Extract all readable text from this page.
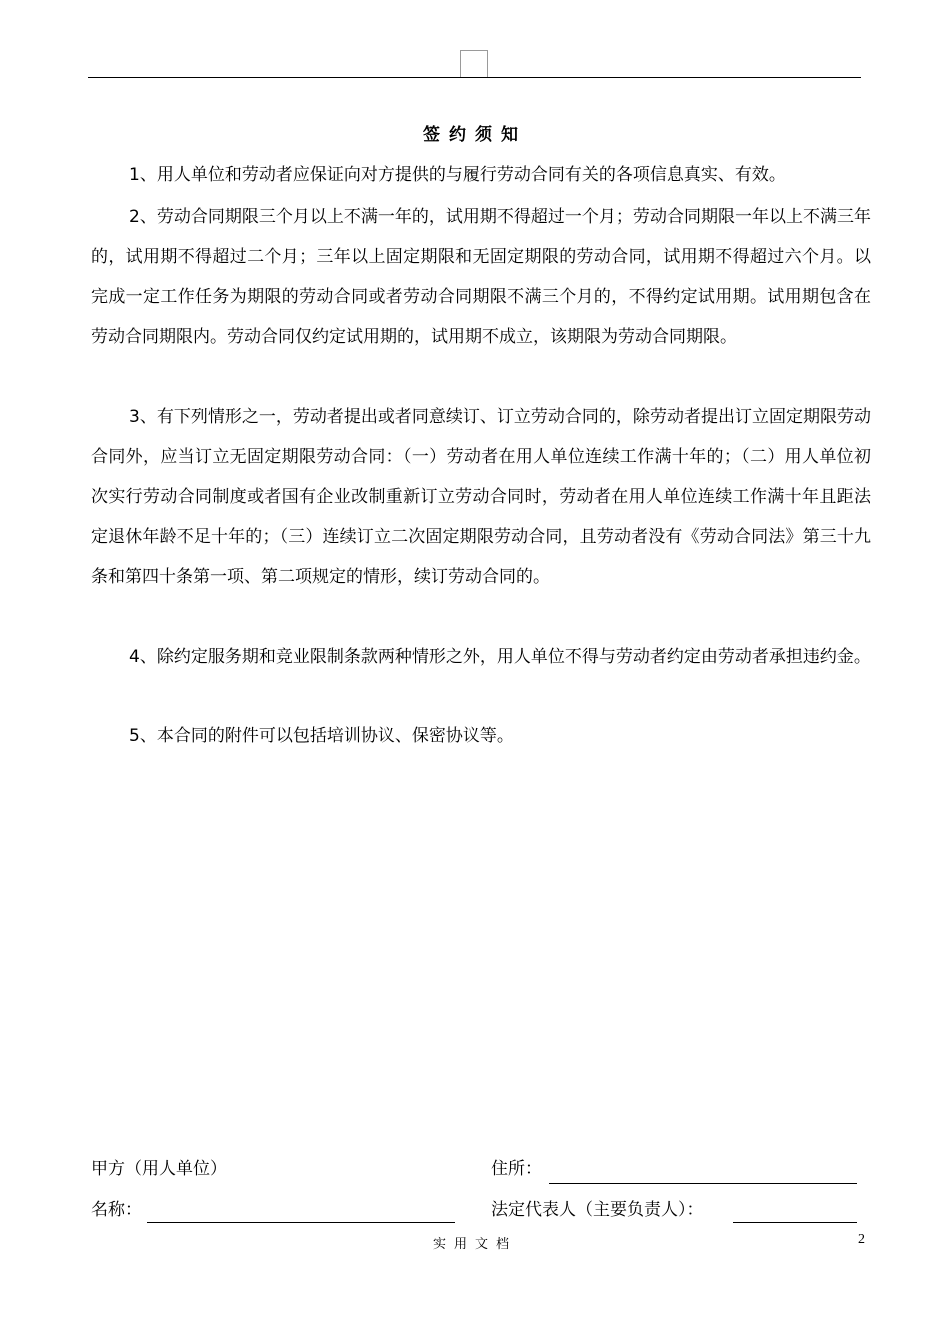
签约须知

1、用人单位和劳动者应保证向对方提供的与履行劳动合同有关的各项信息真实、有效。

2、劳动合同期限三个月以上不满一年的，试用期不得超过一个月；劳动合同期限一年以上不满三年的，试用期不得超过二个月；三年以上固定期限和无固定期限的劳动合同，试用期不得超过六个月。以完成一定工作任务为期限的劳动合同或者劳动合同期限不满三个月的，不得约定试用期。试用期包含在劳动合同期限内。劳动合同仅约定试用期的，试用期不成立，该期限为劳动合同期限。

3、有下列情形之一，劳动者提出或者同意续订、订立劳动合同的，除劳动者提出订立固定期限劳动合同外，应当订立无固定期限劳动合同：（一）劳动者在用人单位连续工作满十年的；（二）用人单位初次实行劳动合同制度或者国有企业改制重新订立劳动合同时，劳动者在用人单位连续工作满十年且距法定退休年龄不足十年的；（三）连续订立二次固定期限劳动合同，且劳动者没有《劳动合同法》第三十九条和第四十条第一项、第二项规定的情形，续订劳动合同的。

4、除约定服务期和竞业限制条款两种情形之外，用人单位不得与劳动者约定由劳动者承担违约金。

5、本合同的附件可以包括培训协议、保密协议等。

甲方（用人单位）	住所：
名称：	法定代表人（主要负责人）：
实用文档	2
